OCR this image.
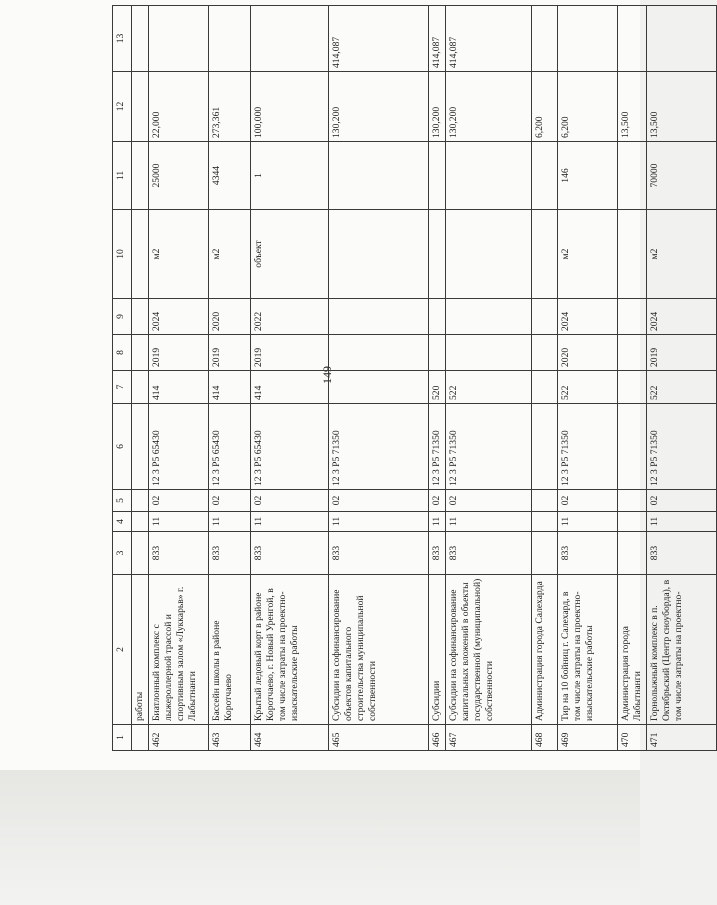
149
1	2	3	4	5	6	7	8	9	10	11	12	13
	работы											
462	Биатлонный комплекс с лыжероллерной трассой и спортивным залом «Луккарьв» г. Лабытнанги	833	11	02	12 3 P5 65430	414	2019	2024	м2	25000	22,000	
463	Бассейн школы в районе Коротчаево	833	11	02	12 3 P5 65430	414	2019	2020	м2	4344	273,361	
464	Крытый ледовый корт в районе Коротчаево, г. Новый Уренгой, в том числе затраты на проектно-изыскательские работы	833	11	02	12 3 P5 65430	414	2019	2022	объект	1	100,000	
465	Субсидии на софинансирование объектов капитального строительства муниципальной собственности	833	11	02	12 3 P5 71350						130,200	414,087
466	Субсидии	833	11	02	12 3 P5 71350	520					130,200	414,087
467	Субсидии на софинансирование капитальных вложений в объекты государственной (муниципальной) собственности	833	11	02	12 3 P5 71350	522					130,200	414,087
468	Администрация города Салехарда										6,200	
469	Тир на 10 бойниц г. Салехард, в том числе затраты на проектно-изыскательские работы	833	11	02	12 3 P5 71350	522	2020	2024	м2	146	6,200	
470	Администрация города Лабытнанги										13,500	
471	Горнолыжный комплекс в п. Октябрьский (Центр сноуборда), в том числе затраты на проектно-	833	11	02	12 3 P5 71350	522	2019	2024	м2	70000	13,500	
